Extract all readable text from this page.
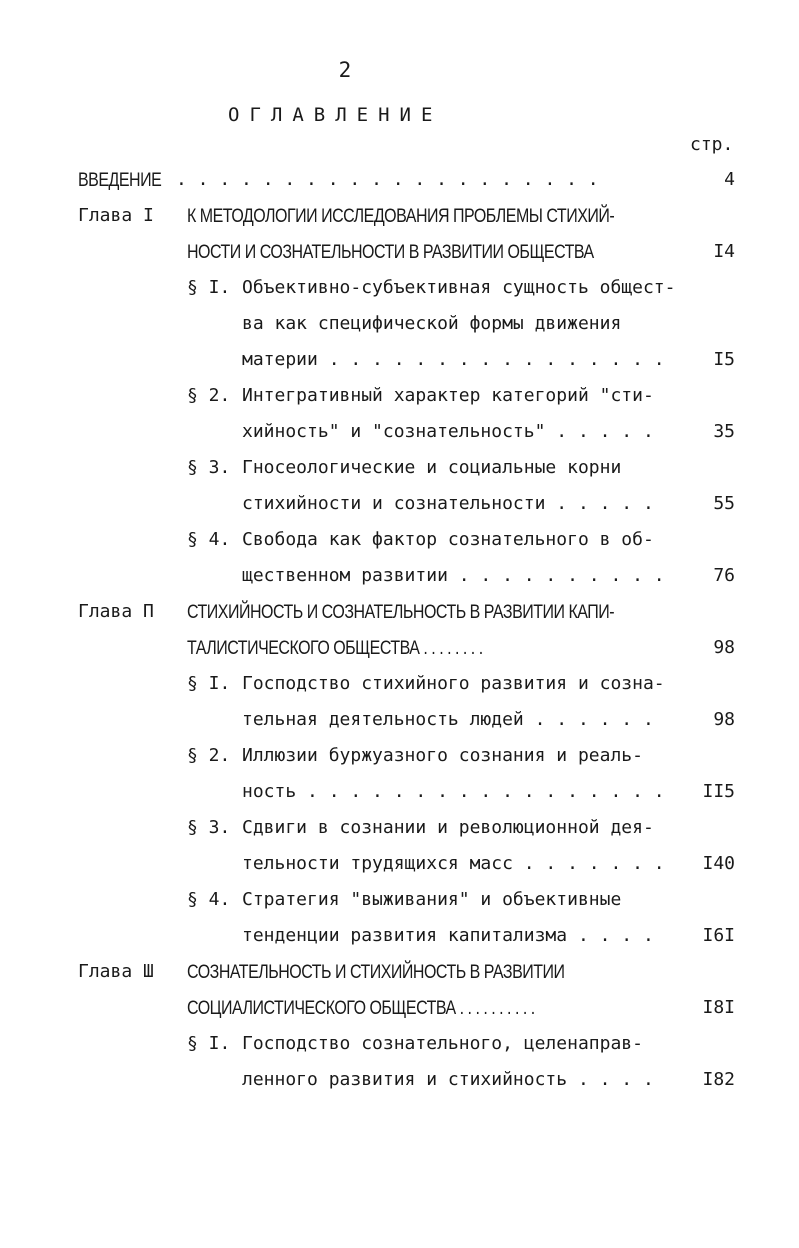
2
ОГЛАВЛЕНИЕ
стр.
ВВЕДЕНИЕ . . . . . . . . . . . . . . . . . . . .	4
Глава I К МЕТОДОЛОГИИ ИССЛЕДОВАНИЯ ПРОБЛЕМЫ СТИХИЙ-
НОСТИ И СОЗНАТЕЛЬНОСТИ В РАЗВИТИИ ОБЩЕСТВА	I4
§ I. Объективно-субъективная сущность общест-
ва как специфической формы движения
материи . . . . . . . . . . . . . . . .	I5
§ 2. Интегративный характер категорий "сти-
хийность" и "сознательность" . . . . .	35
§ 3. Гносеологические и социальные корни
стихийности и сознательности . . . . .	55
§ 4. Свобода как фактор сознательного в об-
щественном развитии . . . . . . . . . .	76
Глава П СТИХИЙНОСТЬ И СОЗНАТЕЛЬНОСТЬ В РАЗВИТИИ КАПИ-
ТАЛИСТИЧЕСКОГО ОБЩЕСТВА . . . . . . . .	98
§ I. Господство стихийного развития и созна-
тельная деятельность людей . . . . . .	98
§ 2. Иллюзии буржуазного сознания и реаль-
ность . . . . . . . . . . . . . . . . . II5
§ 3. Сдвиги в сознании и революционной дея-
тельности трудящихся масс . . . . . . . I40
§ 4. Стратегия "выживания" и объективные
тенденции развития капитализма . . . .	I6I
Глава Ш СОЗНАТЕЛЬНОСТЬ И СТИХИЙНОСТЬ В РАЗВИТИИ
СОЦИАЛИСТИЧЕСКОГО ОБЩЕСТВА . . . . . . . . . .	I8I
§ I. Господство сознательного, целенаправ-
ленного развития и стихийность . . . .	I82
